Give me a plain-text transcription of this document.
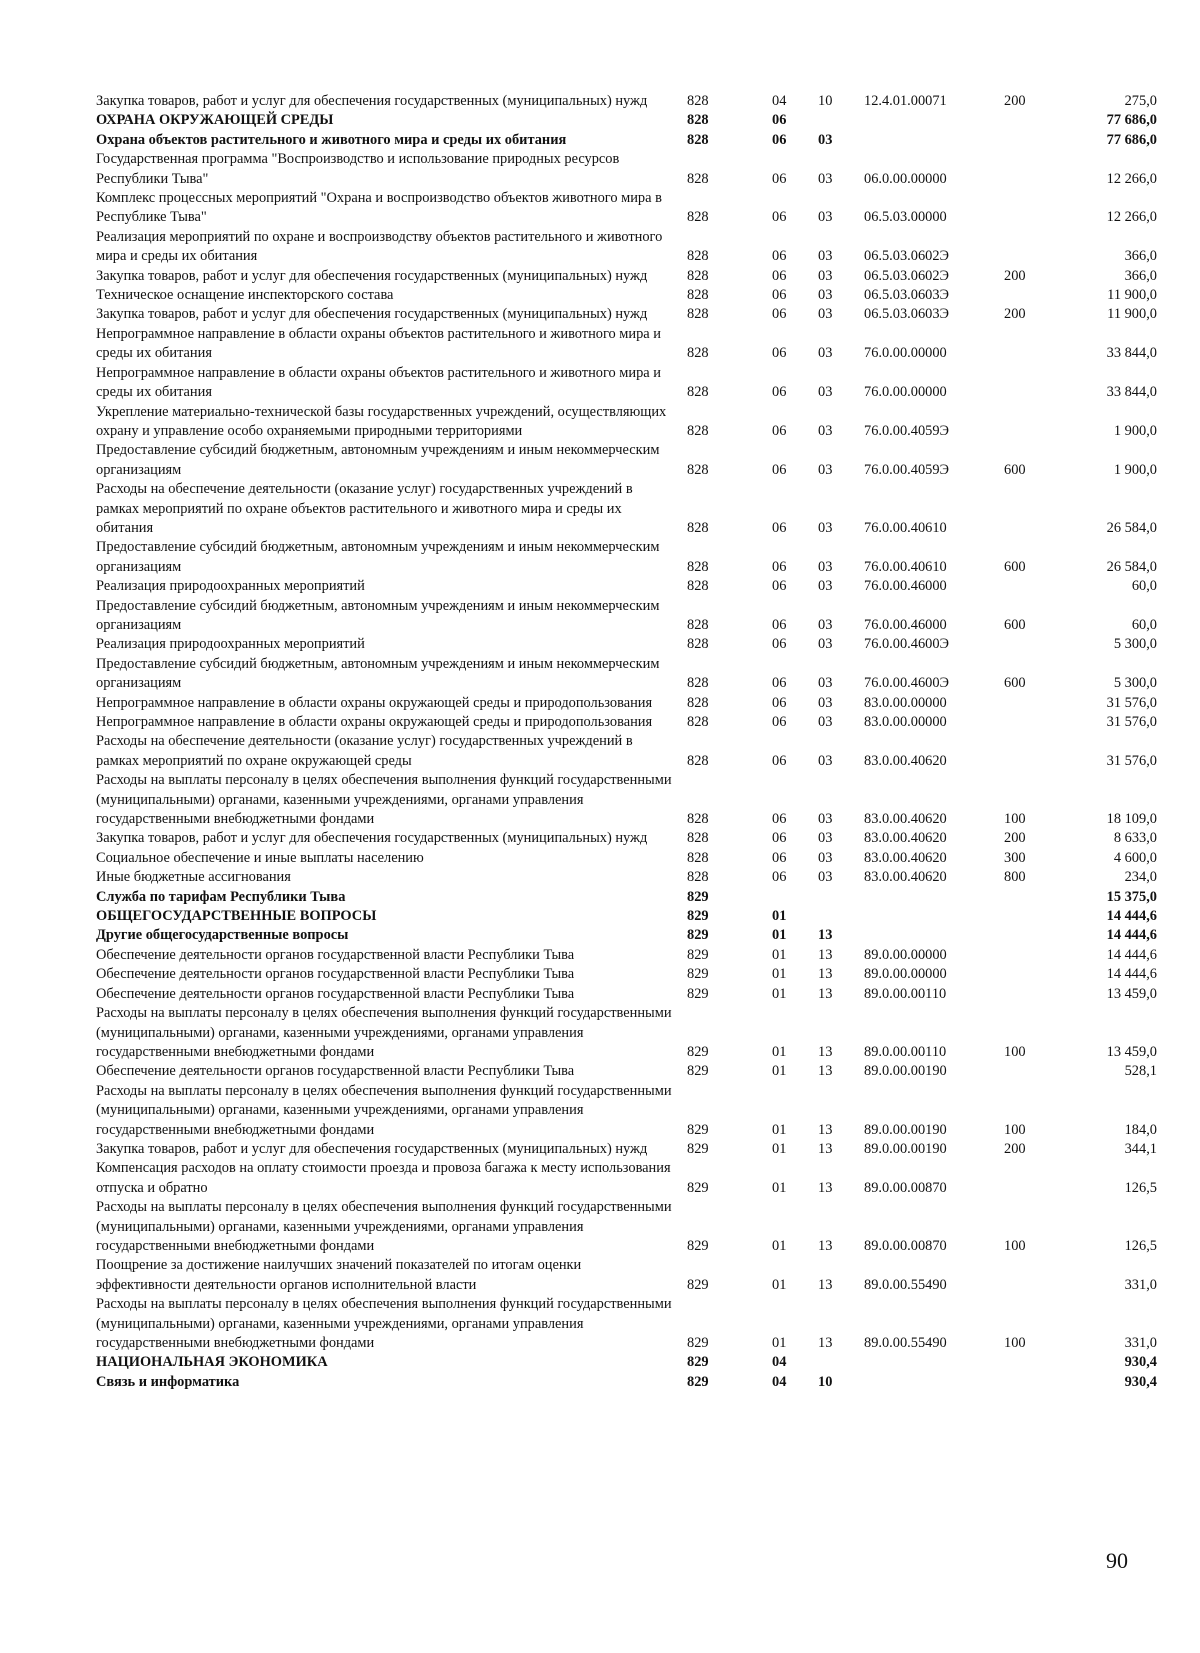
Закупка товаров, работ и услуг для обеспечения государственных (муниципальных) нужд	828	04	10	12.4.01.00071	200	275,0
ОХРАНА ОКРУЖАЮЩЕЙ СРЕДЫ	828	06				77 686,0
Охрана объектов растительного и животного мира и среды их обитания	828	06	03			77 686,0
Государственная программа "Воспроизводство и использование природных ресурсов Республики Тыва"	828	06	03	06.0.00.00000		12 266,0
Комплекс процессных мероприятий "Охрана и воспроизводство объектов животного мира в Республике Тыва"	828	06	03	06.5.03.00000		12 266,0
Реализация мероприятий по охране и воспроизводству объектов растительного и животного мира и среды их обитания	828	06	03	06.5.03.0602Э		366,0
Закупка товаров, работ и услуг для обеспечения государственных (муниципальных) нужд	828	06	03	06.5.03.0602Э	200	366,0
Техническое оснащение инспекторского состава	828	06	03	06.5.03.0603Э		11 900,0
Закупка товаров, работ и услуг для обеспечения государственных (муниципальных) нужд	828	06	03	06.5.03.0603Э	200	11 900,0
Непрограммное направление в области охраны объектов растительного и животного мира и среды их обитания	828	06	03	76.0.00.00000		33 844,0
Непрограммное направление в области охраны объектов растительного и животного мира и среды их обитания	828	06	03	76.0.00.00000		33 844,0
Укрепление материально-технической базы государственных учреждений, осуществляющих охрану и управление особо охраняемыми природными территориями	828	06	03	76.0.00.4059Э		1 900,0
Предоставление субсидий бюджетным, автономным учреждениям и иным некоммерческим организациям	828	06	03	76.0.00.4059Э	600	1 900,0
Расходы на обеспечение деятельности (оказание услуг) государственных учреждений в рамках мероприятий по охране объектов растительного и животного мира и среды их обитания	828	06	03	76.0.00.40610		26 584,0
Предоставление субсидий бюджетным, автономным учреждениям и иным некоммерческим организациям	828	06	03	76.0.00.40610	600	26 584,0
Реализация природоохранных мероприятий	828	06	03	76.0.00.46000		60,0
Предоставление субсидий бюджетным, автономным учреждениям и иным некоммерческим организациям	828	06	03	76.0.00.46000	600	60,0
Реализация природоохранных мероприятий	828	06	03	76.0.00.4600Э		5 300,0
Предоставление субсидий бюджетным, автономным учреждениям и иным некоммерческим организациям	828	06	03	76.0.00.4600Э	600	5 300,0
Непрограммное направление в области охраны окружающей среды и природопользования	828	06	03	83.0.00.00000		31 576,0
Непрограммное направление в области охраны окружающей среды и природопользования	828	06	03	83.0.00.00000		31 576,0
Расходы на обеспечение деятельности (оказание услуг) государственных учреждений в рамках мероприятий по охране окружающей среды	828	06	03	83.0.00.40620		31 576,0
Расходы на выплаты персоналу в целях обеспечения выполнения функций государственными (муниципальными) органами, казенными учреждениями, органами управления государственными внебюджетными фондами	828	06	03	83.0.00.40620	100	18 109,0
Закупка товаров, работ и услуг для обеспечения государственных (муниципальных) нужд	828	06	03	83.0.00.40620	200	8 633,0
Социальное обеспечение и иные выплаты населению	828	06	03	83.0.00.40620	300	4 600,0
Иные бюджетные ассигнования	828	06	03	83.0.00.40620	800	234,0
Служба по тарифам Республики Тыва	829					15 375,0
ОБЩЕГОСУДАРСТВЕННЫЕ ВОПРОСЫ	829	01				14 444,6
Другие общегосударственные вопросы	829	01	13			14 444,6
Обеспечение деятельности органов государственной власти Республики Тыва	829	01	13	89.0.00.00000		14 444,6
Обеспечение деятельности органов государственной власти Республики Тыва	829	01	13	89.0.00.00000		14 444,6
Обеспечение деятельности органов государственной власти Республики Тыва	829	01	13	89.0.00.00110		13 459,0
Расходы на выплаты персоналу в целях обеспечения выполнения функций государственными (муниципальными) органами, казенными учреждениями, органами управления государственными внебюджетными фондами	829	01	13	89.0.00.00110	100	13 459,0
Обеспечение деятельности органов государственной власти Республики Тыва	829	01	13	89.0.00.00190		528,1
Расходы на выплаты персоналу в целях обеспечения выполнения функций государственными (муниципальными) органами, казенными учреждениями, органами управления государственными внебюджетными фондами	829	01	13	89.0.00.00190	100	184,0
Закупка товаров, работ и услуг для обеспечения государственных (муниципальных) нужд	829	01	13	89.0.00.00190	200	344,1
Компенсация расходов на оплату стоимости проезда и провоза багажа к месту использования отпуска и обратно	829	01	13	89.0.00.00870		126,5
Расходы на выплаты персоналу в целях обеспечения выполнения функций государственными (муниципальными) органами, казенными учреждениями, органами управления государственными внебюджетными фондами	829	01	13	89.0.00.00870	100	126,5
Поощрение за достижение наилучших значений показателей по итогам оценки эффективности деятельности органов исполнительной власти	829	01	13	89.0.00.55490		331,0
Расходы на выплаты персоналу в целях обеспечения выполнения функций государственными (муниципальными) органами, казенными учреждениями, органами управления государственными внебюджетными фондами	829	01	13	89.0.00.55490	100	331,0
НАЦИОНАЛЬНАЯ ЭКОНОМИКА	829	04				930,4
Связь и информатика	829	04	10			930,4
90
